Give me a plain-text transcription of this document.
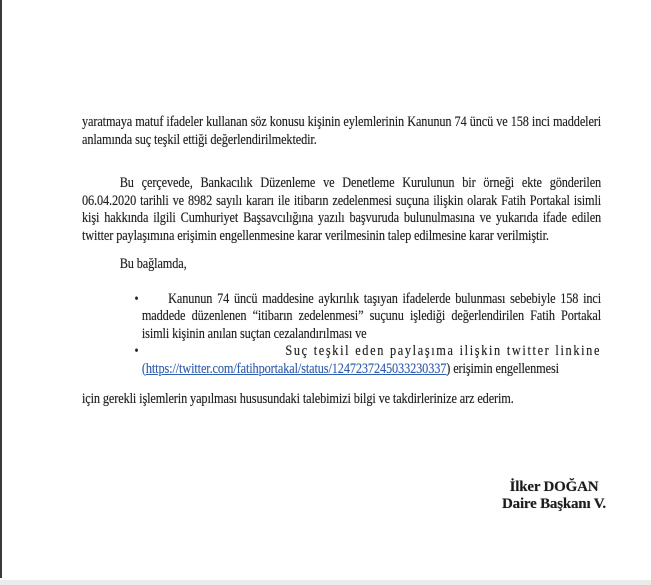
yaratmaya matuf ifadeler kullanan söz konusu kişinin eylemlerinin Kanunun 74 üncü ve 158 inci maddeleri anlamında suç teşkil ettiği değerlendirilmektedir.

Bu çerçevede, Bankacılık Düzenleme ve Denetleme Kurulunun bir örneği ekte gönderilen 06.04.2020 tarihli ve 8982 sayılı kararı ile itibarın zedelenmesi suçuna ilişkin olarak Fatih Portakal isimli kişi hakkında ilgili Cumhuriyet Başsavcılığına yazılı başvuruda bulunulmasına ve yukarıda ifade edilen twitter paylaşımına erişimin engellenmesine karar verilmesinin talep edilmesine karar verilmiştir.

Bu bağlamda,

•	Kanunun 74 üncü maddesine aykırılık taşıyan ifadelerde bulunması sebebiyle 158 inci maddede düzenlenen “itibarın zedelenmesi” suçunu işlediği değerlendirilen Fatih Portakal isimli kişinin anılan suçtan cezalandırılması ve

•	Suç teşkil eden paylaşıma ilişkin twitter linkine

(https://twitter.com/fatihportakal/status/1247237245033230337) erişimin engellenmesi

için gerekli işlemlerin yapılması hususundaki talebimizi bilgi ve takdirlerinize arz ederim.

İlker DOĞAN
Daire Başkanı V.
